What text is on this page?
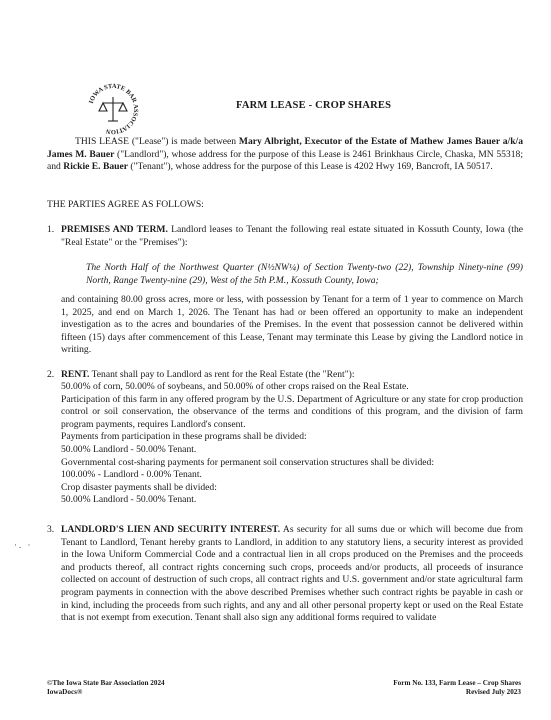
IOWA STATE BAR ASSOCIATION
FARM LEASE - CROP SHARES
THIS LEASE ("Lease") is made between Mary Albright, Executor of the Estate of Mathew James Bauer a/k/a James M. Bauer ("Landlord"), whose address for the purpose of this Lease is 2461 Brinkhaus Circle, Chaska, MN 55318; and Rickie E. Bauer ("Tenant"), whose address for the purpose of this Lease is 4202 Hwy 169, Bancroft, IA 50517.
THE PARTIES AGREE AS FOLLOWS:
1. PREMISES AND TERM. Landlord leases to Tenant the following real estate situated in Kossuth County, Iowa (the "Real Estate" or the "Premises"):
The North Half of the Northwest Quarter (N½NW¼) of Section Twenty-two (22), Township Ninety-nine (99) North, Range Twenty-nine (29), West of the 5th P.M., Kossuth County, Iowa;
and containing 80.00 gross acres, more or less, with possession by Tenant for a term of 1 year to commence on March 1, 2025, and end on March 1, 2026. The Tenant has had or been offered an opportunity to make an independent investigation as to the acres and boundaries of the Premises. In the event that possession cannot be delivered within fifteen (15) days after commencement of this Lease, Tenant may terminate this Lease by giving the Landlord notice in writing.
2. RENT. Tenant shall pay to Landlord as rent for the Real Estate (the "Rent"):
50.00% of corn, 50.00% of soybeans, and 50.00% of other crops raised on the Real Estate.
Participation of this farm in any offered program by the U.S. Department of Agriculture or any state for crop production control or soil conservation, the observance of the terms and conditions of this program, and the division of farm program payments, requires Landlord's consent.
Payments from participation in these programs shall be divided:
50.00% Landlord - 50.00% Tenant.
Governmental cost-sharing payments for permanent soil conservation structures shall be divided:
100.00% - Landlord - 0.00% Tenant.
Crop disaster payments shall be divided:
50.00% Landlord - 50.00% Tenant.
3. LANDLORD'S LIEN AND SECURITY INTEREST. As security for all sums due or which will become due from Tenant to Landlord, Tenant hereby grants to Landlord, in addition to any statutory liens, a security interest as provided in the Iowa Uniform Commercial Code and a contractual lien in all crops produced on the Premises and the proceeds and products thereof, all contract rights concerning such crops, proceeds and/or products, all proceeds of insurance collected on account of destruction of such crops, all contract rights and U.S. government and/or state agricultural farm program payments in connection with the above described Premises whether such contract rights be payable in cash or in kind, including the proceeds from such rights, and any and all other personal property kept or used on the Real Estate that is not exempt from execution. Tenant shall also sign any additional forms required to validate
·. ·
©The Iowa State Bar Association 2024
IowaDocs®
Form No. 133, Farm Lease – Crop Shares
Revised July 2023
